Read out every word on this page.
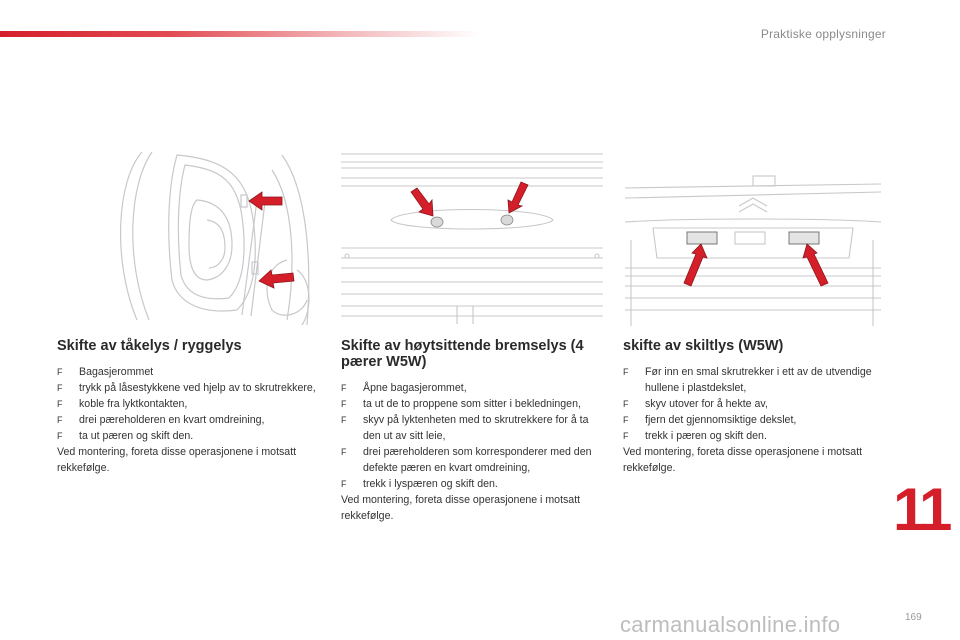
Praktiske opplysninger
Skifte av tåkelys / ryggelys
F Bagasjerommet
F trykk på låsestykkene ved hjelp av to skrutrekkere,
F koble fra lyktkontakten,
F drei pæreholderen en kvart omdreining,
F ta ut pæren og skift den.

Ved montering, foreta disse operasjonene i motsatt rekkefølge.

Skifte av høytsittende bremselys (4 pærer W5W)
F Åpne bagasjerommet,
F ta ut de to proppene som sitter i bekledningen,
F skyv på lyktenheten med to skrutrekkere for å ta den ut av sitt leie,
F drei pæreholderen som korresponderer med den defekte pæren en kvart omdreining,
F trekk i lyspæren og skift den.

Ved montering, foreta disse operasjonene i motsatt rekkefølge.

skifte av skiltlys (W5W)
F Før inn en smal skrutrekker i ett av de utvendige hullene i plastdekslet,
F skyv utover for å hekte av,
F fjern det gjennomsiktige dekslet,
F trekk i pæren og skift den.

Ved montering, foreta disse operasjonene i motsatt rekkefølge.

11
carmanualsonline.info	169
